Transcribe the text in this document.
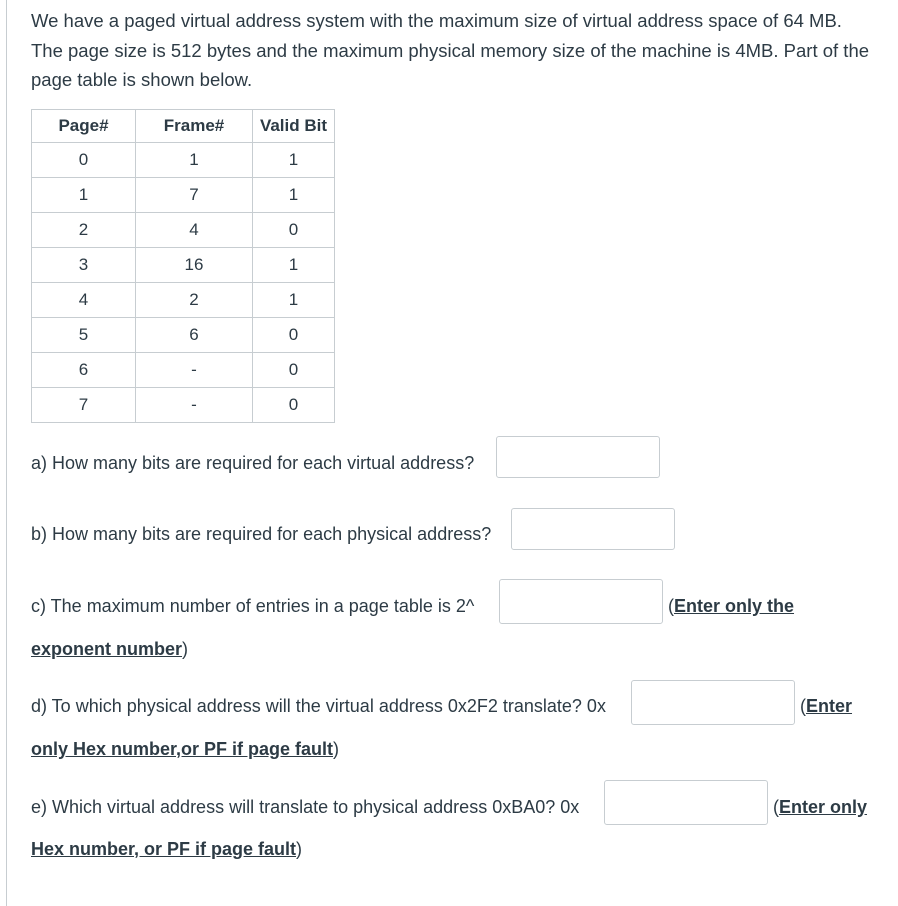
We have a paged virtual address system with the maximum size of virtual address space of 64 MB. The page size is 512 bytes and the maximum physical memory size of the machine is 4MB. Part of the page table is shown below.

Page#	Frame#	Valid Bit
0	1	1
1	7	1
2	4	0
3	16	1
4	2	1
5	6	0
6	-	0
7	-	0
a) How many bits are required for each virtual address?
b) How many bits are required for each physical address?
c) The maximum number of entries in a page table is 2^	(Enter only the
exponent number)
d) To which physical address will the virtual address 0x2F2 translate? 0x	(Enter
only Hex number,or PF if page fault)
e) Which virtual address will translate to physical address 0xBA0? 0x	(Enter only
Hex number, or PF if page fault)
